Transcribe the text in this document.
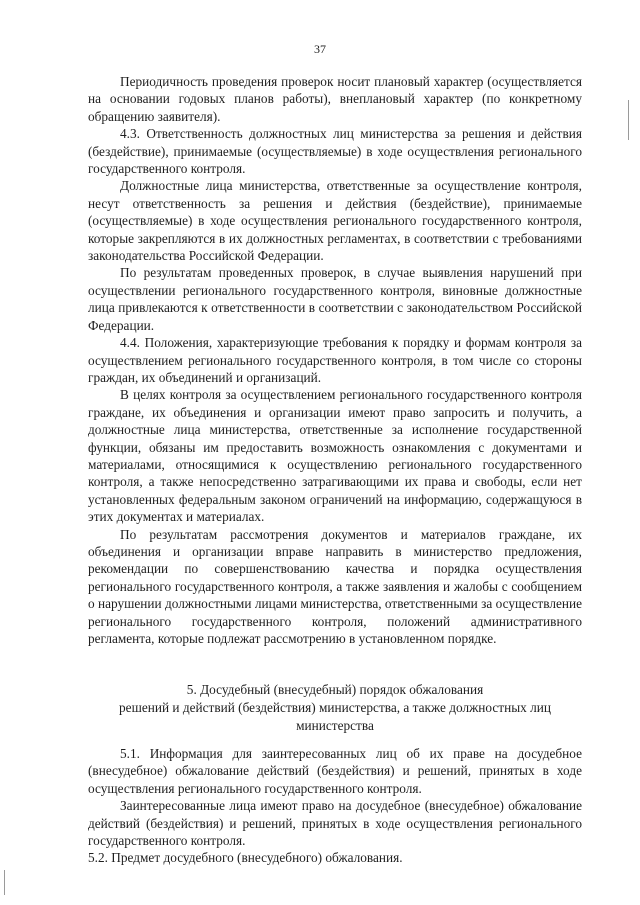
37

Периодичность проведения проверок носит плановый характер (осуществляется на основании годовых планов работы), внеплановый характер (по конкретному обращению заявителя).

4.3. Ответственность должностных лиц министерства за решения и действия (бездействие), принимаемые (осуществляемые) в ходе осуществления регионального государственного контроля.

Должностные лица министерства, ответственные за осуществление контроля, несут ответственность за решения и действия (бездействие), принимаемые (осуществляемые) в ходе осуществления регионального государственного контроля, которые закрепляются в их должностных регламентах, в соответствии с требованиями законодательства Российской Федерации.

По результатам проведенных проверок, в случае выявления нарушений при осуществлении регионального государственного контроля, виновные должностные лица привлекаются к ответственности в соответствии с законодательством Российской Федерации.

4.4. Положения, характеризующие требования к порядку и формам контроля за осуществлением регионального государственного контроля, в том числе со стороны граждан, их объединений и организаций.

В целях контроля за осуществлением регионального государственного контроля граждане, их объединения и организации имеют право запросить и получить, а должностные лица министерства, ответственные за исполнение государственной функции, обязаны им предоставить возможность ознакомления с документами и материалами, относящимися к осуществлению регионального государственного контроля, а также непосредственно затрагивающими их права и свободы, если нет установленных федеральным законом ограничений на информацию, содержащуюся в этих документах и материалах.

По результатам рассмотрения документов и материалов граждане, их объединения и организации вправе направить в министерство предложения, рекомендации по совершенствованию качества и порядка осуществления регионального государственного контроля, а также заявления и жалобы с сообщением о нарушении должностными лицами министерства, ответственными за осуществление регионального государственного контроля, положений административного регламента, которые подлежат рассмотрению в установленном порядке.

5. Досудебный (внесудебный) порядок обжалования
решений и действий (бездействия) министерства, а также должностных лиц
министерства

5.1. Информация для заинтересованных лиц об их праве на досудебное (внесудебное) обжалование действий (бездействия) и решений, принятых в ходе осуществления регионального государственного контроля.

Заинтересованные лица имеют право на досудебное (внесудебное) обжалование действий (бездействия) и решений, принятых в ходе осуществления регионального государственного контроля.

5.2. Предмет досудебного (внесудебного) обжалования.
